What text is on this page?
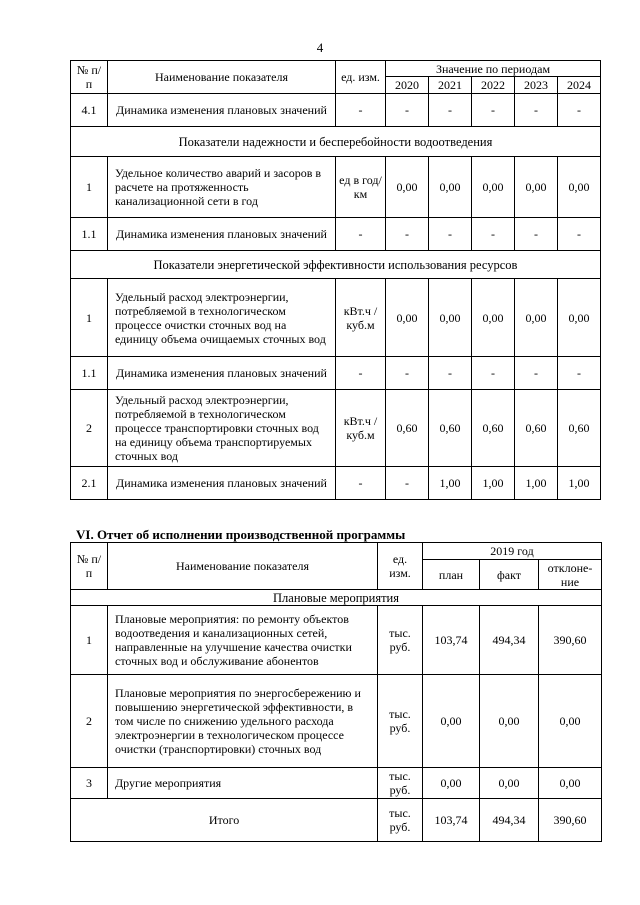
4
№ п/п	Наименование показателя	ед. изм.	Значение по периодам				
			2020	2021	2022	2023	2024
4.1	Динамика изменения плановых значений	-	-	-	-	-	-
Показатели надежности и бесперебойности водоотведения							
1	Удельное количество аварий и засоров в расчете на протяженность канализационной сети в год	ед в год/ км	0,00	0,00	0,00	0,00	0,00
1.1	Динамика изменения плановых значений	-	-	-	-	-	-
Показатели энергетической эффективности использования ресурсов							
1	Удельный расход электроэнергии, потребляемой в технологическом процессе очистки сточных вод на единицу объема очищаемых сточных вод	кВт.ч / куб.м	0,00	0,00	0,00	0,00	0,00
1.1	Динамика изменения плановых значений	-	-	-	-	-	-
2	Удельный расход электроэнергии, потребляемой в технологическом процессе транспортировки сточных вод на единицу объема транспортируемых сточных вод	кВт.ч / куб.м	0,60	0,60	0,60	0,60	0,60
2.1	Динамика изменения плановых значений	-	-	1,00	1,00	1,00	1,00
VI. Отчет об исполнении производственной программы
№ п/п	Наименование показателя	ед. изм.	2019 год		
			план	факт	отклоне-ние
Плановые мероприятия					
1	Плановые мероприятия: по ремонту объектов водоотведения и канализационных сетей, направленные на улучшение качества очистки сточных вод и обслуживание абонентов	тыс. руб.	103,74	494,34	390,60
2	Плановые мероприятия по энергосбережению и повышению энергетической эффективности, в том числе по снижению удельного расхода электроэнергии в технологическом процессе очистки (транспортировки) сточных вод	тыс. руб.	0,00	0,00	0,00
3	Другие мероприятия	тыс. руб.	0,00	0,00	0,00
Итого		тыс. руб.	103,74	494,34	390,60
